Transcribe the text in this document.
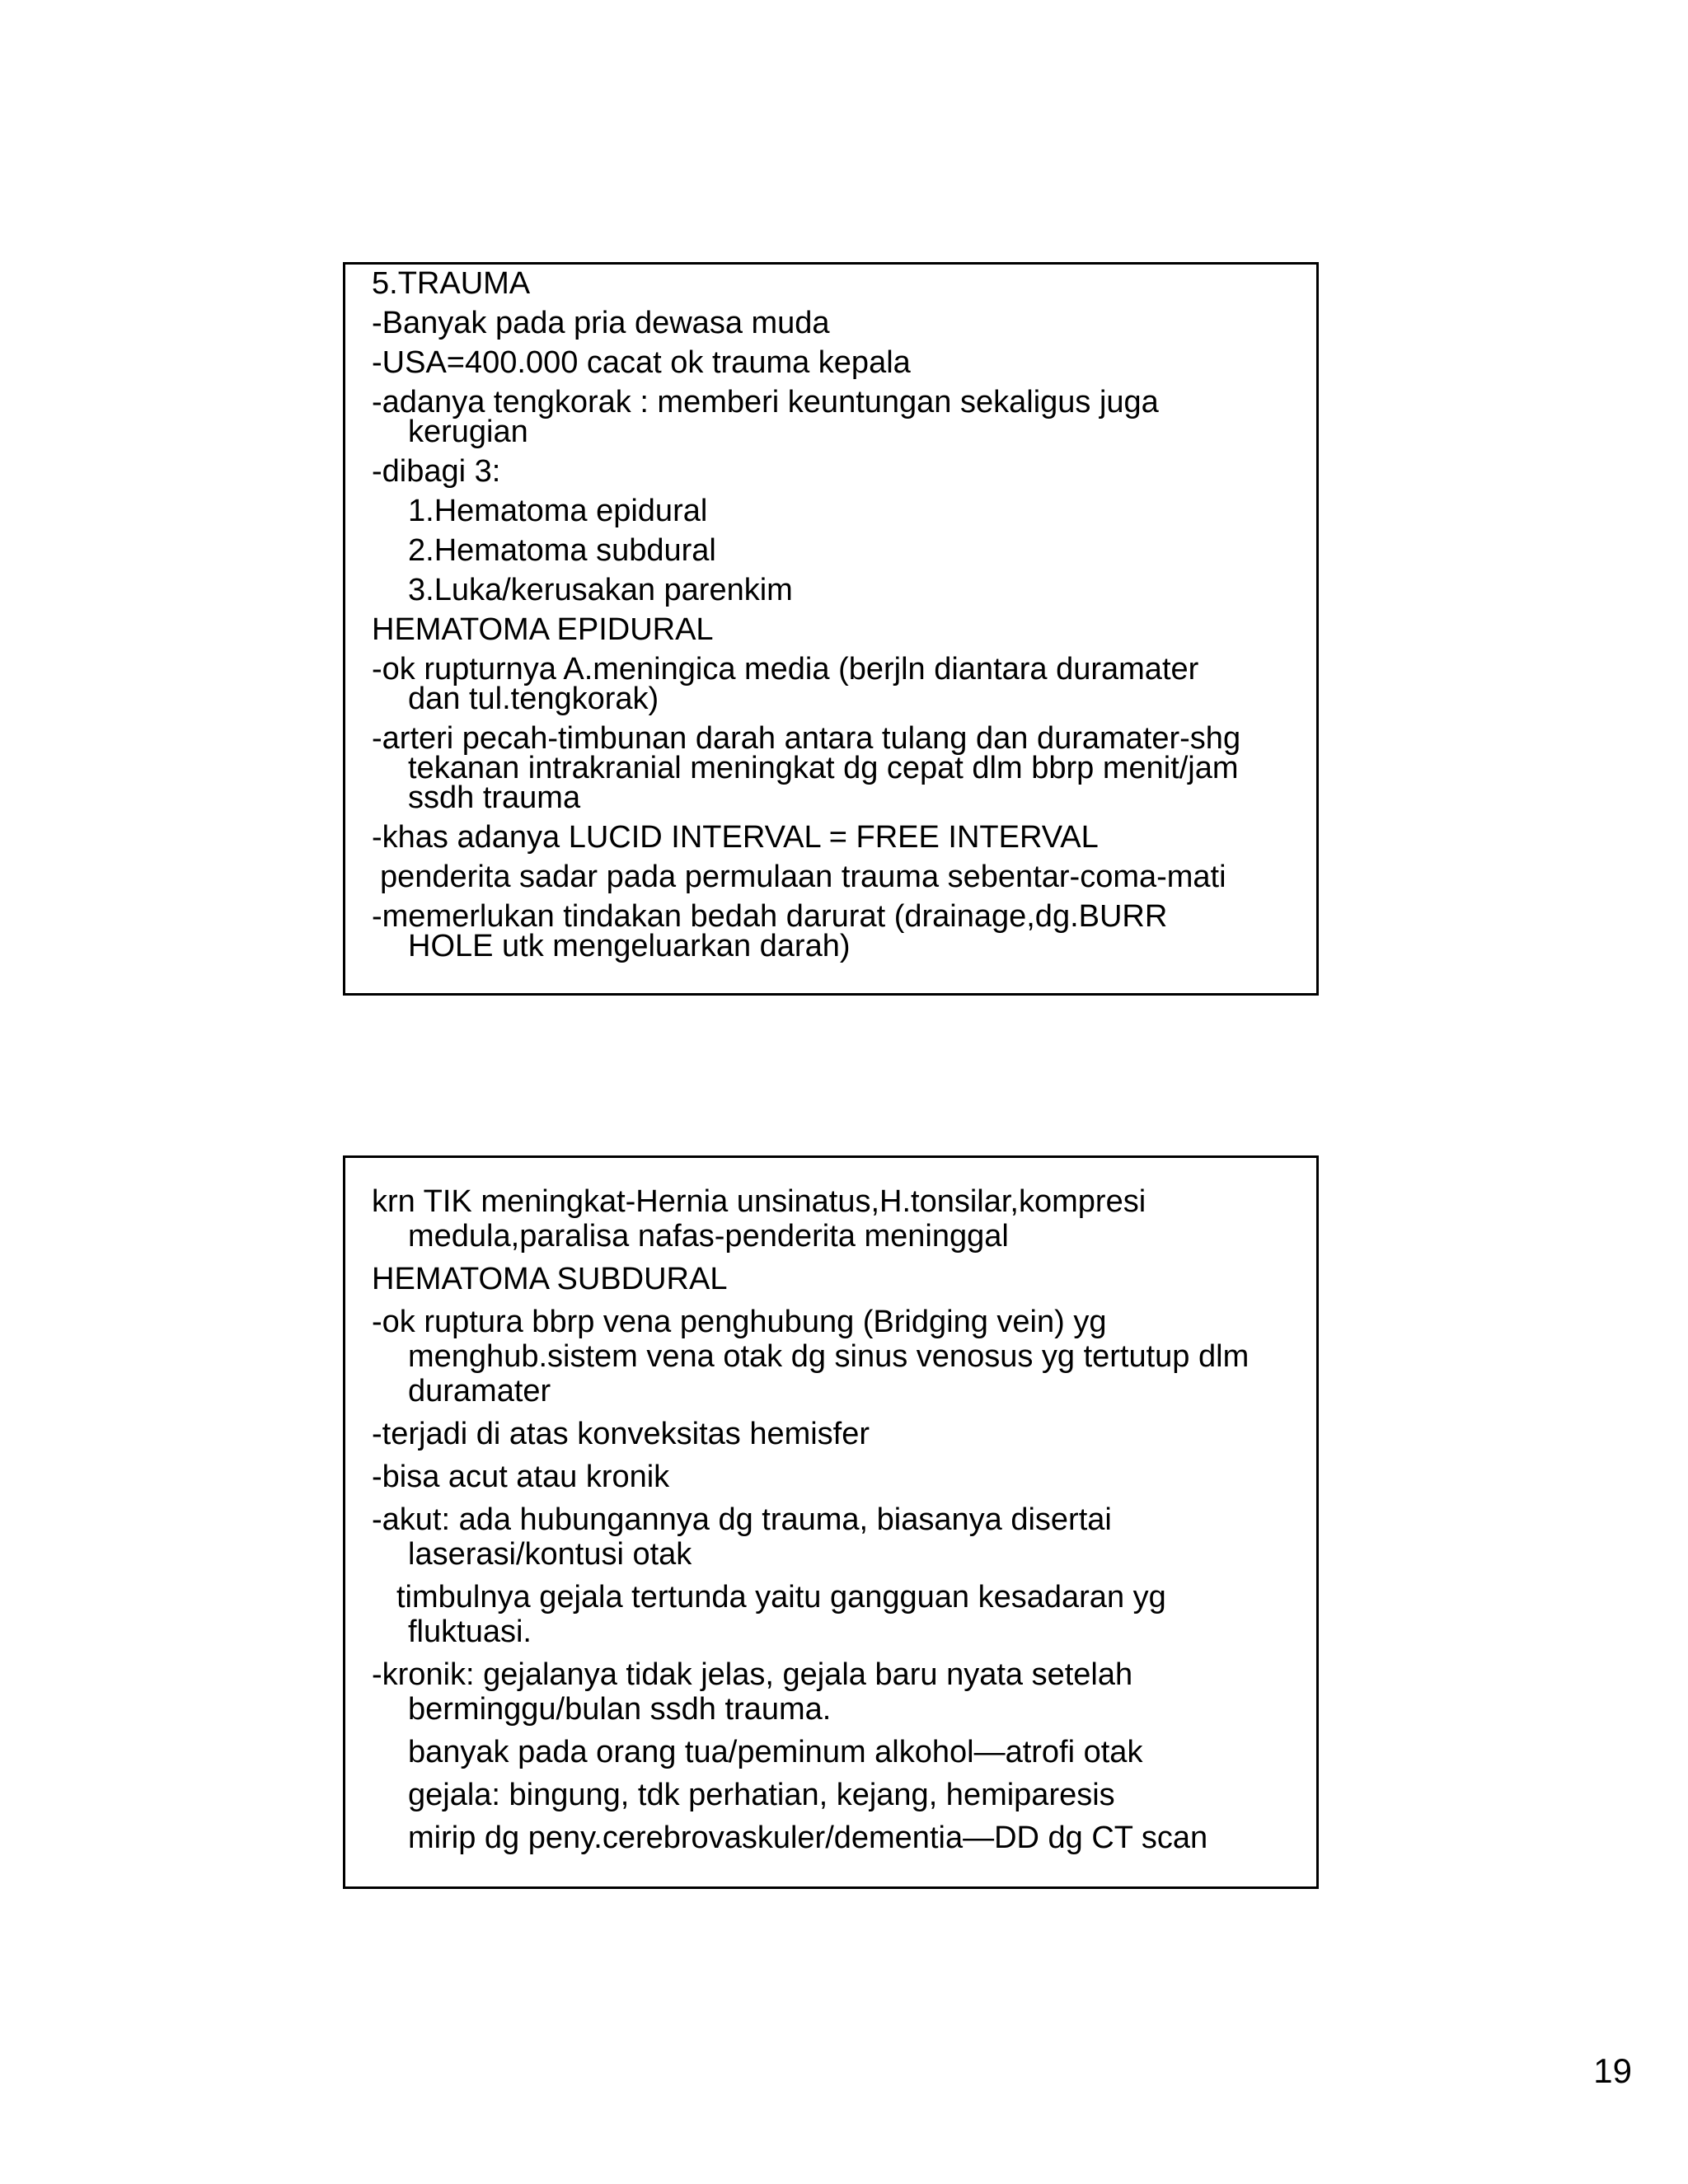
5.TRAUMA
-Banyak pada pria dewasa muda
-USA=400.000 cacat ok trauma kepala
-adanya tengkorak : memberi keuntungan sekaligus juga
kerugian
-dibagi 3:
1.Hematoma epidural
2.Hematoma subdural
3.Luka/kerusakan parenkim
HEMATOMA EPIDURAL
-ok rupturnya A.meningica media (berjln diantara duramater
dan tul.tengkorak)
-arteri pecah-timbunan darah antara tulang dan duramater-shg
tekanan intrakranial meningkat dg cepat dlm bbrp menit/jam
ssdh trauma
-khas adanya LUCID INTERVAL = FREE INTERVAL
penderita sadar pada permulaan trauma sebentar-coma-mati
-memerlukan tindakan bedah darurat (drainage,dg.BURR
HOLE utk mengeluarkan darah)
krn TIK meningkat-Hernia unsinatus,H.tonsilar,kompresi
medula,paralisa nafas-penderita meninggal
HEMATOMA SUBDURAL
-ok ruptura bbrp vena penghubung (Bridging vein) yg
menghub.sistem vena otak dg sinus venosus yg tertutup dlm
duramater
-terjadi di atas konveksitas hemisfer
-bisa acut atau kronik
-akut: ada hubungannya dg trauma, biasanya disertai
laserasi/kontusi otak
timbulnya gejala tertunda yaitu gangguan kesadaran yg
fluktuasi.
-kronik: gejalanya tidak jelas, gejala baru nyata setelah
berminggu/bulan ssdh trauma.
banyak pada orang tua/peminum alkohol—atrofi otak
gejala: bingung, tdk perhatian, kejang, hemiparesis
mirip dg peny.cerebrovaskuler/dementia—DD dg CT scan
19
